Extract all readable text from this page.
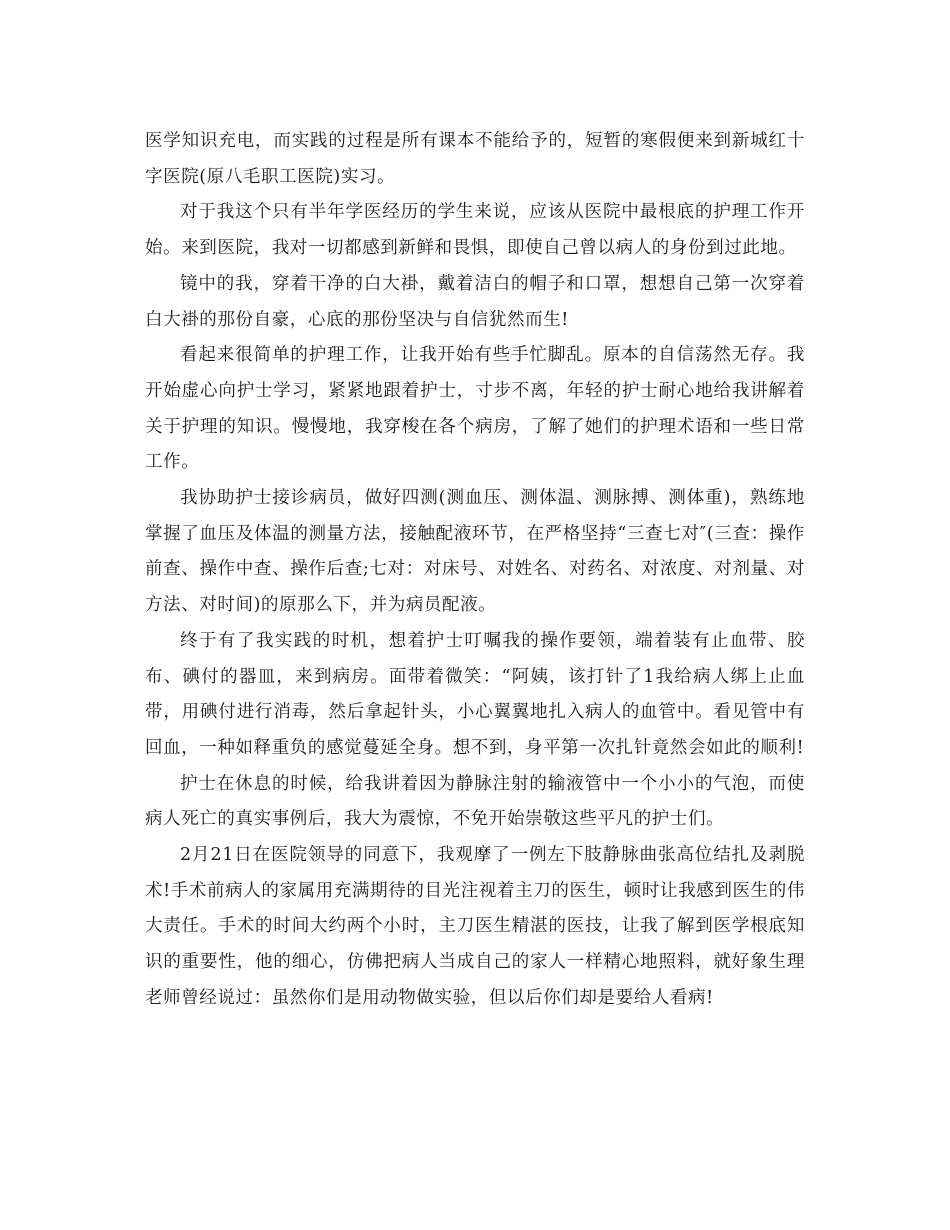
医学知识充电，而实践的过程是所有课本不能给予的，短暂的寒假便来到新城红十字医院(原八毛职工医院)实习。

对于我这个只有半年学医经历的学生来说，应该从医院中最根底的护理工作开始。来到医院，我对一切都感到新鲜和畏惧，即使自己曾以病人的身份到过此地。

镜中的我，穿着干净的白大褂，戴着洁白的帽子和口罩，想想自己第一次穿着白大褂的那份自豪，心底的那份坚决与自信犹然而生!

看起来很简单的护理工作，让我开始有些手忙脚乱。原本的自信荡然无存。我开始虚心向护士学习，紧紧地跟着护士，寸步不离，年轻的护士耐心地给我讲解着关于护理的知识。慢慢地，我穿梭在各个病房，了解了她们的护理术语和一些日常工作。

我协助护士接诊病员，做好四测(测血压、测体温、测脉搏、测体重)，熟练地掌握了血压及体温的测量方法，接触配液环节，在严格坚持“三查七对″(三查：操作前查、操作中查、操作后查;七对：对床号、对姓名、对药名、对浓度、对剂量、对方法、对时间)的原那么下，并为病员配液。

终于有了我实践的时机，想着护士叮嘱我的操作要领，端着装有止血带、胶布、碘付的器皿，来到病房。面带着微笑：“阿姨，该打针了1我给病人绑上止血带，用碘付进行消毒，然后拿起针头，小心翼翼地扎入病人的血管中。看见管中有回血，一种如释重负的感觉蔓延全身。想不到，身平第一次扎针竟然会如此的顺利!

护士在休息的时候，给我讲着因为静脉注射的输液管中一个小小的气泡，而使病人死亡的真实事例后，我大为震惊，不免开始崇敬这些平凡的护士们。

2月21日在医院领导的同意下，我观摩了一例左下肢静脉曲张高位结扎及剥脱术!手术前病人的家属用充满期待的目光注视着主刀的医生，顿时让我感到医生的伟大责任。手术的时间大约两个小时，主刀医生精湛的医技，让我了解到医学根底知识的重要性，他的细心，仿佛把病人当成自己的家人一样精心地照料，就好象生理老师曾经说过：虽然你们是用动物做实验，但以后你们却是要给人看病!
